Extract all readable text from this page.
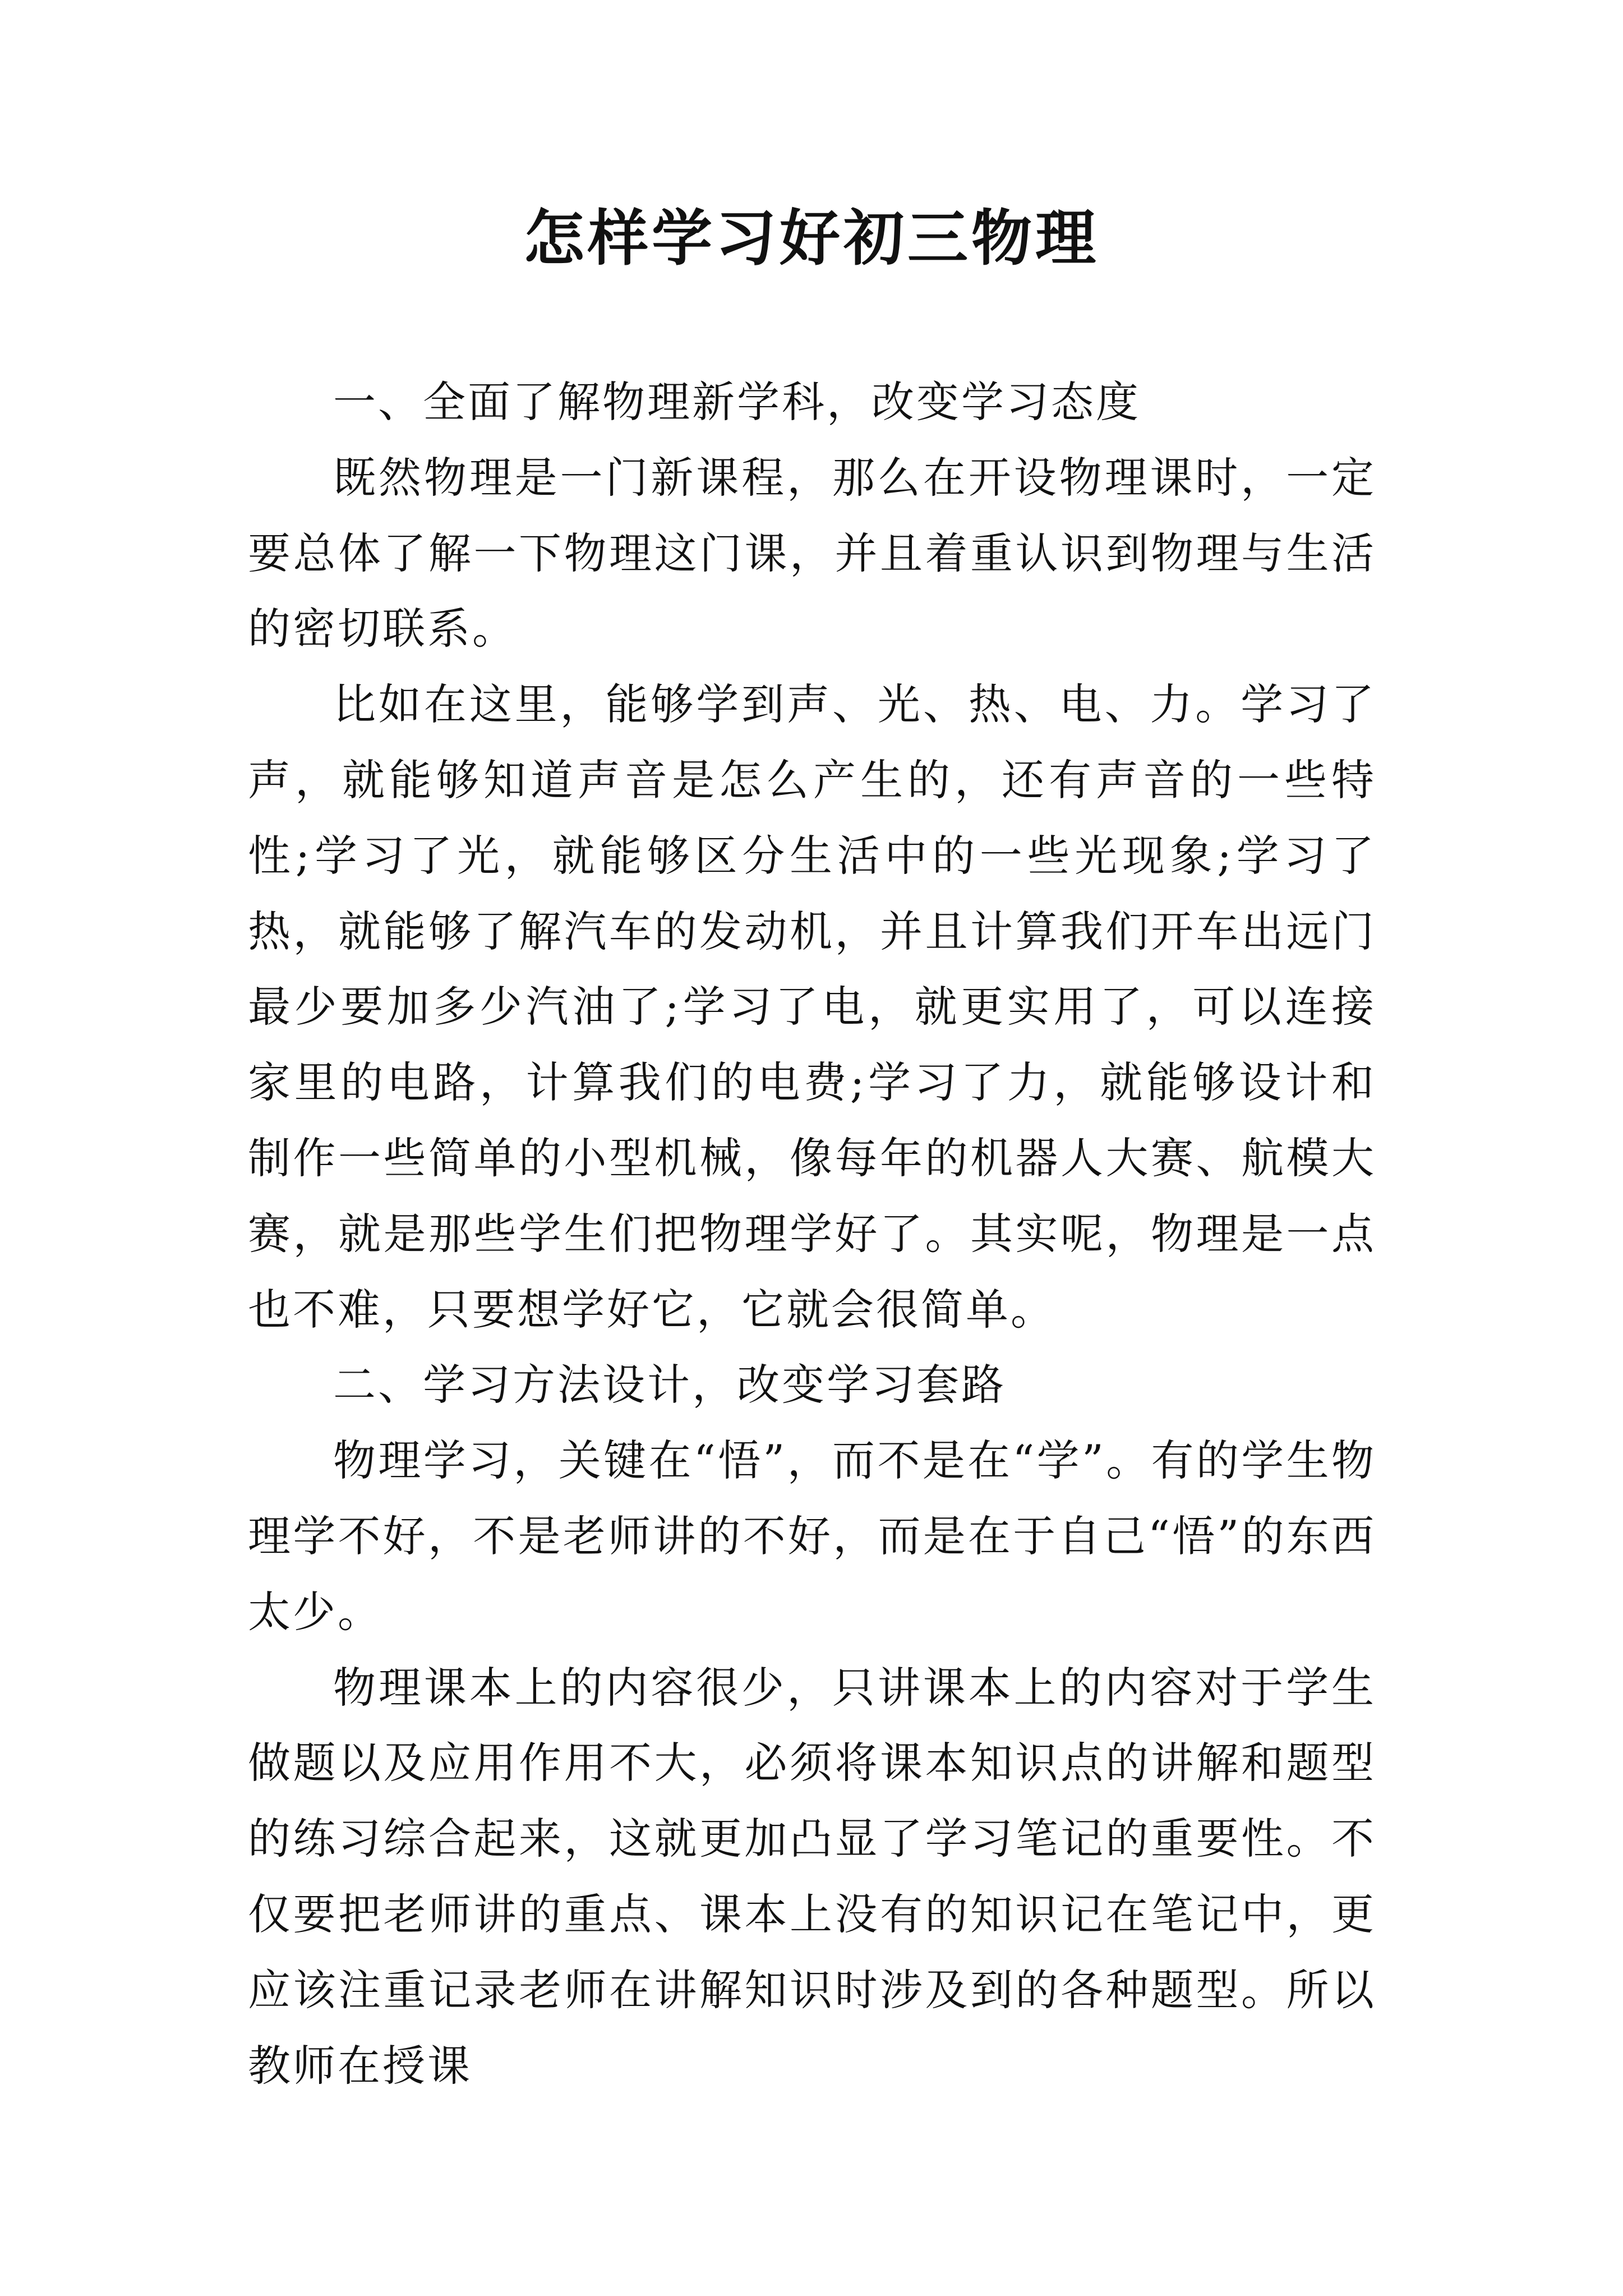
怎样学习好初三物理

一、全面了解物理新学科，改变学习态度

既然物理是一门新课程，那么在开设物理课时，一定要总体了解一下物理这门课，并且着重认识到物理与生活的密切联系。

比如在这里，能够学到声、光、热、电、力。学习了声，就能够知道声音是怎么产生的，还有声音的一些特性;学习了光，就能够区分生活中的一些光现象;学习了热，就能够了解汽车的发动机，并且计算我们开车出远门最少要加多少汽油了;学习了电，就更实用了，可以连接家里的电路，计算我们的电费;学习了力，就能够设计和制作一些简单的小型机械，像每年的机器人大赛、航模大赛，就是那些学生们把物理学好了。其实呢，物理是一点也不难，只要想学好它，它就会很简单。

二、学习方法设计，改变学习套路

物理学习，关键在“悟”，而不是在“学”。有的学生物理学不好，不是老师讲的不好，而是在于自己“悟”的东西太少。

物理课本上的内容很少，只讲课本上的内容对于学生做题以及应用作用不大，必须将课本知识点的讲解和题型的练习综合起来，这就更加凸显了学习笔记的重要性。不仅要把老师讲的重点、课本上没有的知识记在笔记中，更应该注重记录老师在讲解知识时涉及到的各种题型。所以教师在授课
